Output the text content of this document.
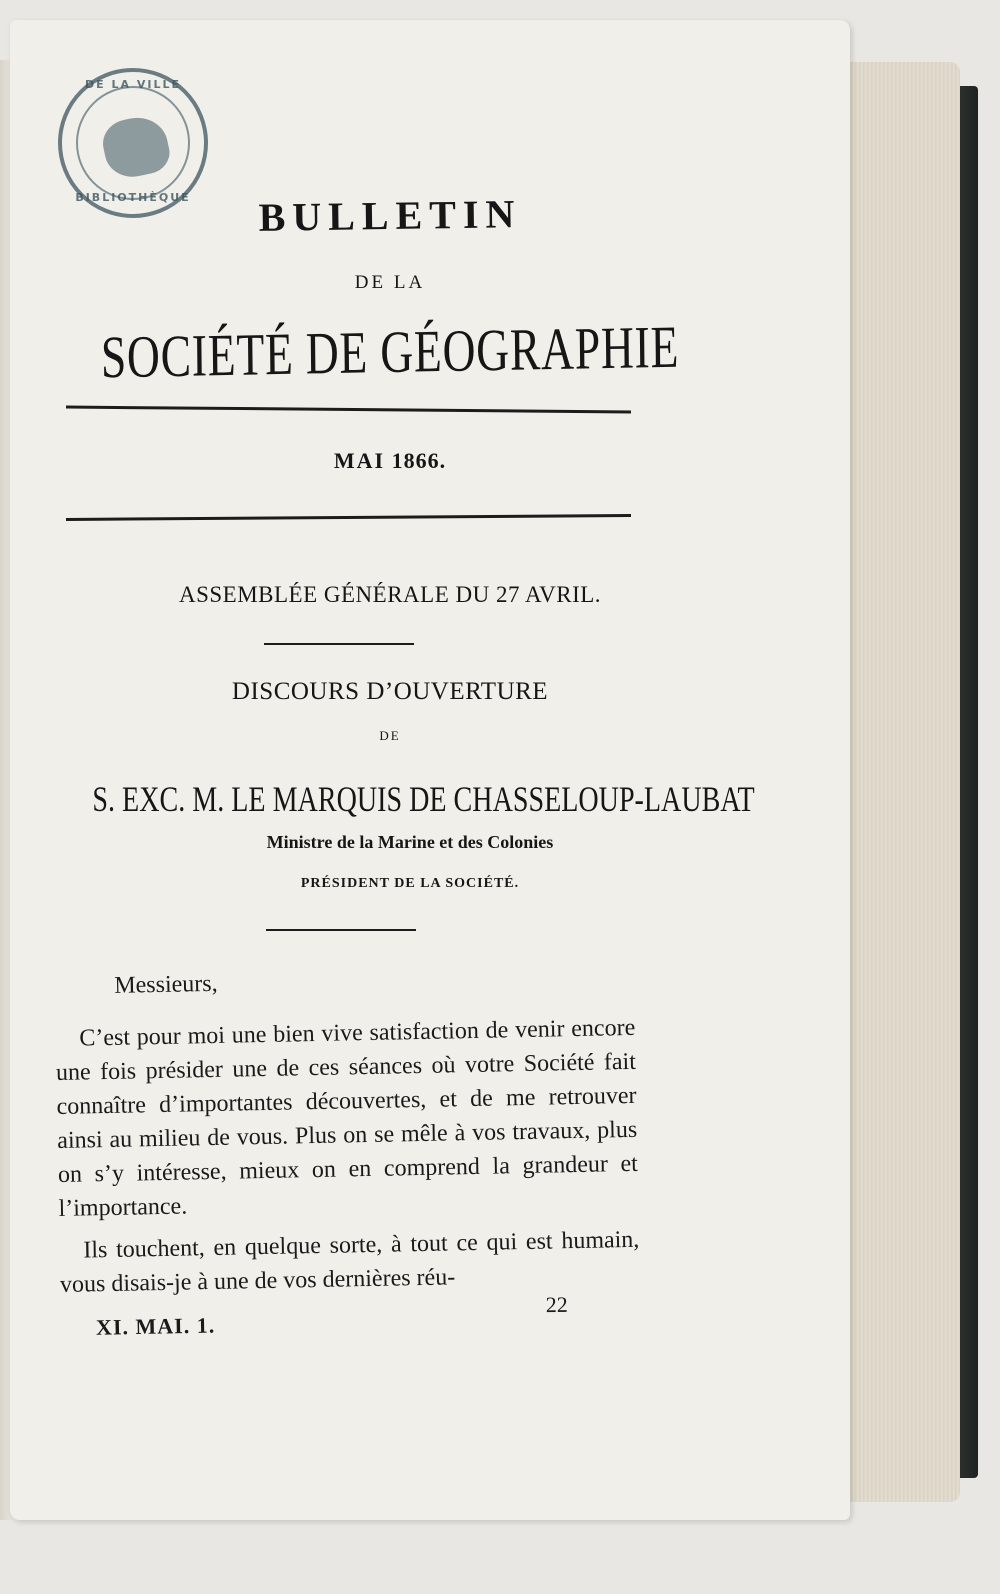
DE LA VILLE
BIBLIOTHÈQUE	BULLETIN
DE LA
SOCIÉTÉ DE GÉOGRAPHIE
MAI 1866.
ASSEMBLÉE GÉNÉRALE DU 27 AVRIL.
DISCOURS D’OUVERTURE
DE
S. EXC. M. LE MARQUIS DE CHASSELOUP-LAUBAT
Ministre de la Marine et des Colonies
PRÉSIDENT DE LA SOCIÉTÉ.
Messieurs,

C’est pour moi une bien vive satisfaction de venir encore une fois présider une de ces séances où votre Société fait connaître d’importantes découvertes, et de me retrouver ainsi au milieu de vous. Plus on se mêle à vos travaux, plus on s’y intéresse, mieux on en comprend la grandeur et l’importance.

Ils touchent, en quelque sorte, à tout ce qui est humain, vous disais-je à une de vos dernières réu-

XI. MAI. 1.
22
